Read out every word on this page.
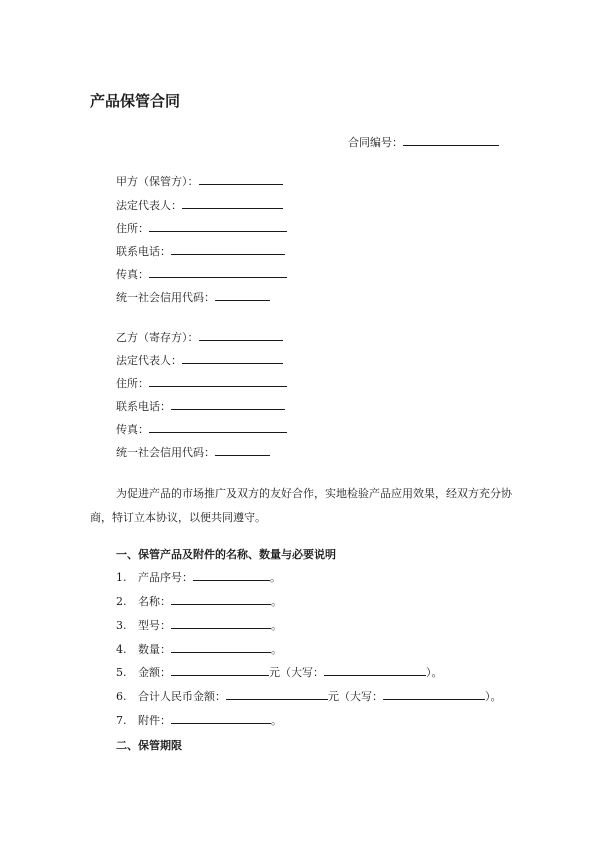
产品保管合同
合同编号：
甲方（保管方）：
法定代表人：
住所：
联系电话：
传真：
统一社会信用代码：
乙方（寄存方）：
法定代表人：
住所：
联系电话：
传真：
统一社会信用代码：
为促进产品的市场推广及双方的友好合作，实地检验产品应用效果，经双方充分协商，特订立本协议，以便共同遵守。
一、保管产品及附件的名称、数量与必要说明
1. 产品序号：	。
2. 名称：	。
3. 型号：	。
4. 数量：	。
5. 金额：	元（大写：	）。
6. 合计人民币金额：	元（大写：	）。
7. 附件：	。
二、保管期限
